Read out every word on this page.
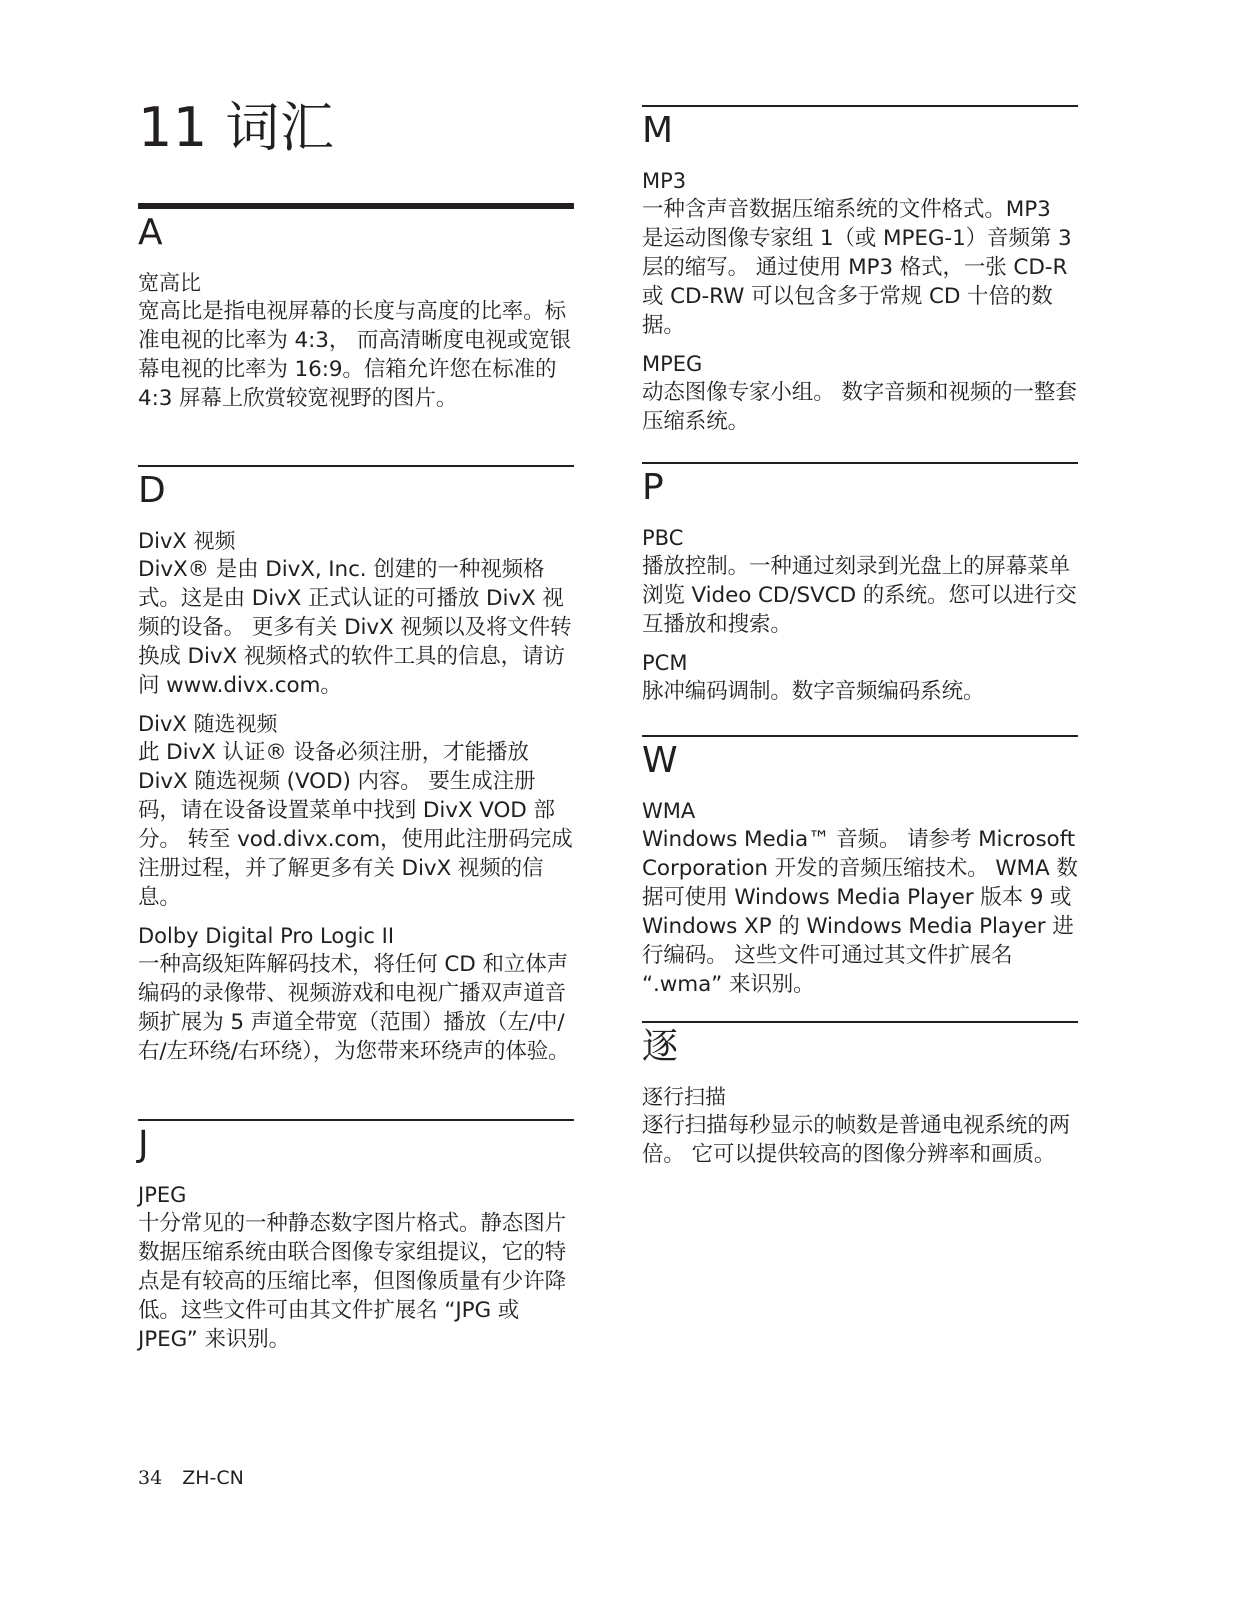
11 词汇
A

宽高比

宽高比是指电视屏幕的长度与高度的比率。标准电视的比率为 4:3， 而高清晰度电视或宽银幕电视的比率为 16:9。信箱允许您在标准的 4:3 屏幕上欣赏较宽视野的图片。

D

DivX 视频

DivX® 是由 DivX, Inc. 创建的一种视频格式。这是由 DivX 正式认证的可播放 DivX 视频的设备。 更多有关 DivX 视频以及将文件转换成 DivX 视频格式的软件工具的信息，请访问 www.divx.com。

DivX 随选视频

此 DivX 认证® 设备必须注册，才能播放 DivX 随选视频 (VOD) 内容。 要生成注册码，请在设备设置菜单中找到 DivX VOD 部分。 转至 vod.divx.com，使用此注册码完成注册过程，并了解更多有关 DivX 视频的信息。

Dolby Digital Pro Logic II

一种高级矩阵解码技术，将任何 CD 和立体声编码的录像带、视频游戏和电视广播双声道音频扩展为 5 声道全带宽（范围）播放（左/中/右/左环绕/右环绕），为您带来环绕声的体验。

J

JPEG

十分常见的一种静态数字图片格式。静态图片数据压缩系统由联合图像专家组提议，它的特点是有较高的压缩比率，但图像质量有少许降低。这些文件可由其文件扩展名 “JPG 或 JPEG” 来识别。

M

MP3

一种含声音数据压缩系统的文件格式。MP3 是运动图像专家组 1（或 MPEG-1）音频第 3 层的缩写。 通过使用 MP3 格式，一张 CD-R 或 CD-RW 可以包含多于常规 CD 十倍的数据。

MPEG

动态图像专家小组。 数字音频和视频的一整套压缩系统。

P

PBC

播放控制。一种通过刻录到光盘上的屏幕菜单浏览 Video CD/SVCD 的系统。您可以进行交互播放和搜索。

PCM

脉冲编码调制。数字音频编码系统。

W

WMA

Windows Media™ 音频。 请参考 Microsoft Corporation 开发的音频压缩技术。 WMA 数据可使用 Windows Media Player 版本 9 或 Windows XP 的 Windows Media Player 进行编码。 这些文件可通过其文件扩展名 “.wma” 来识别。

逐

逐行扫描

逐行扫描每秒显示的帧数是普通电视系统的两倍。 它可以提供较高的图像分辨率和画质。

34 ZH-CN
